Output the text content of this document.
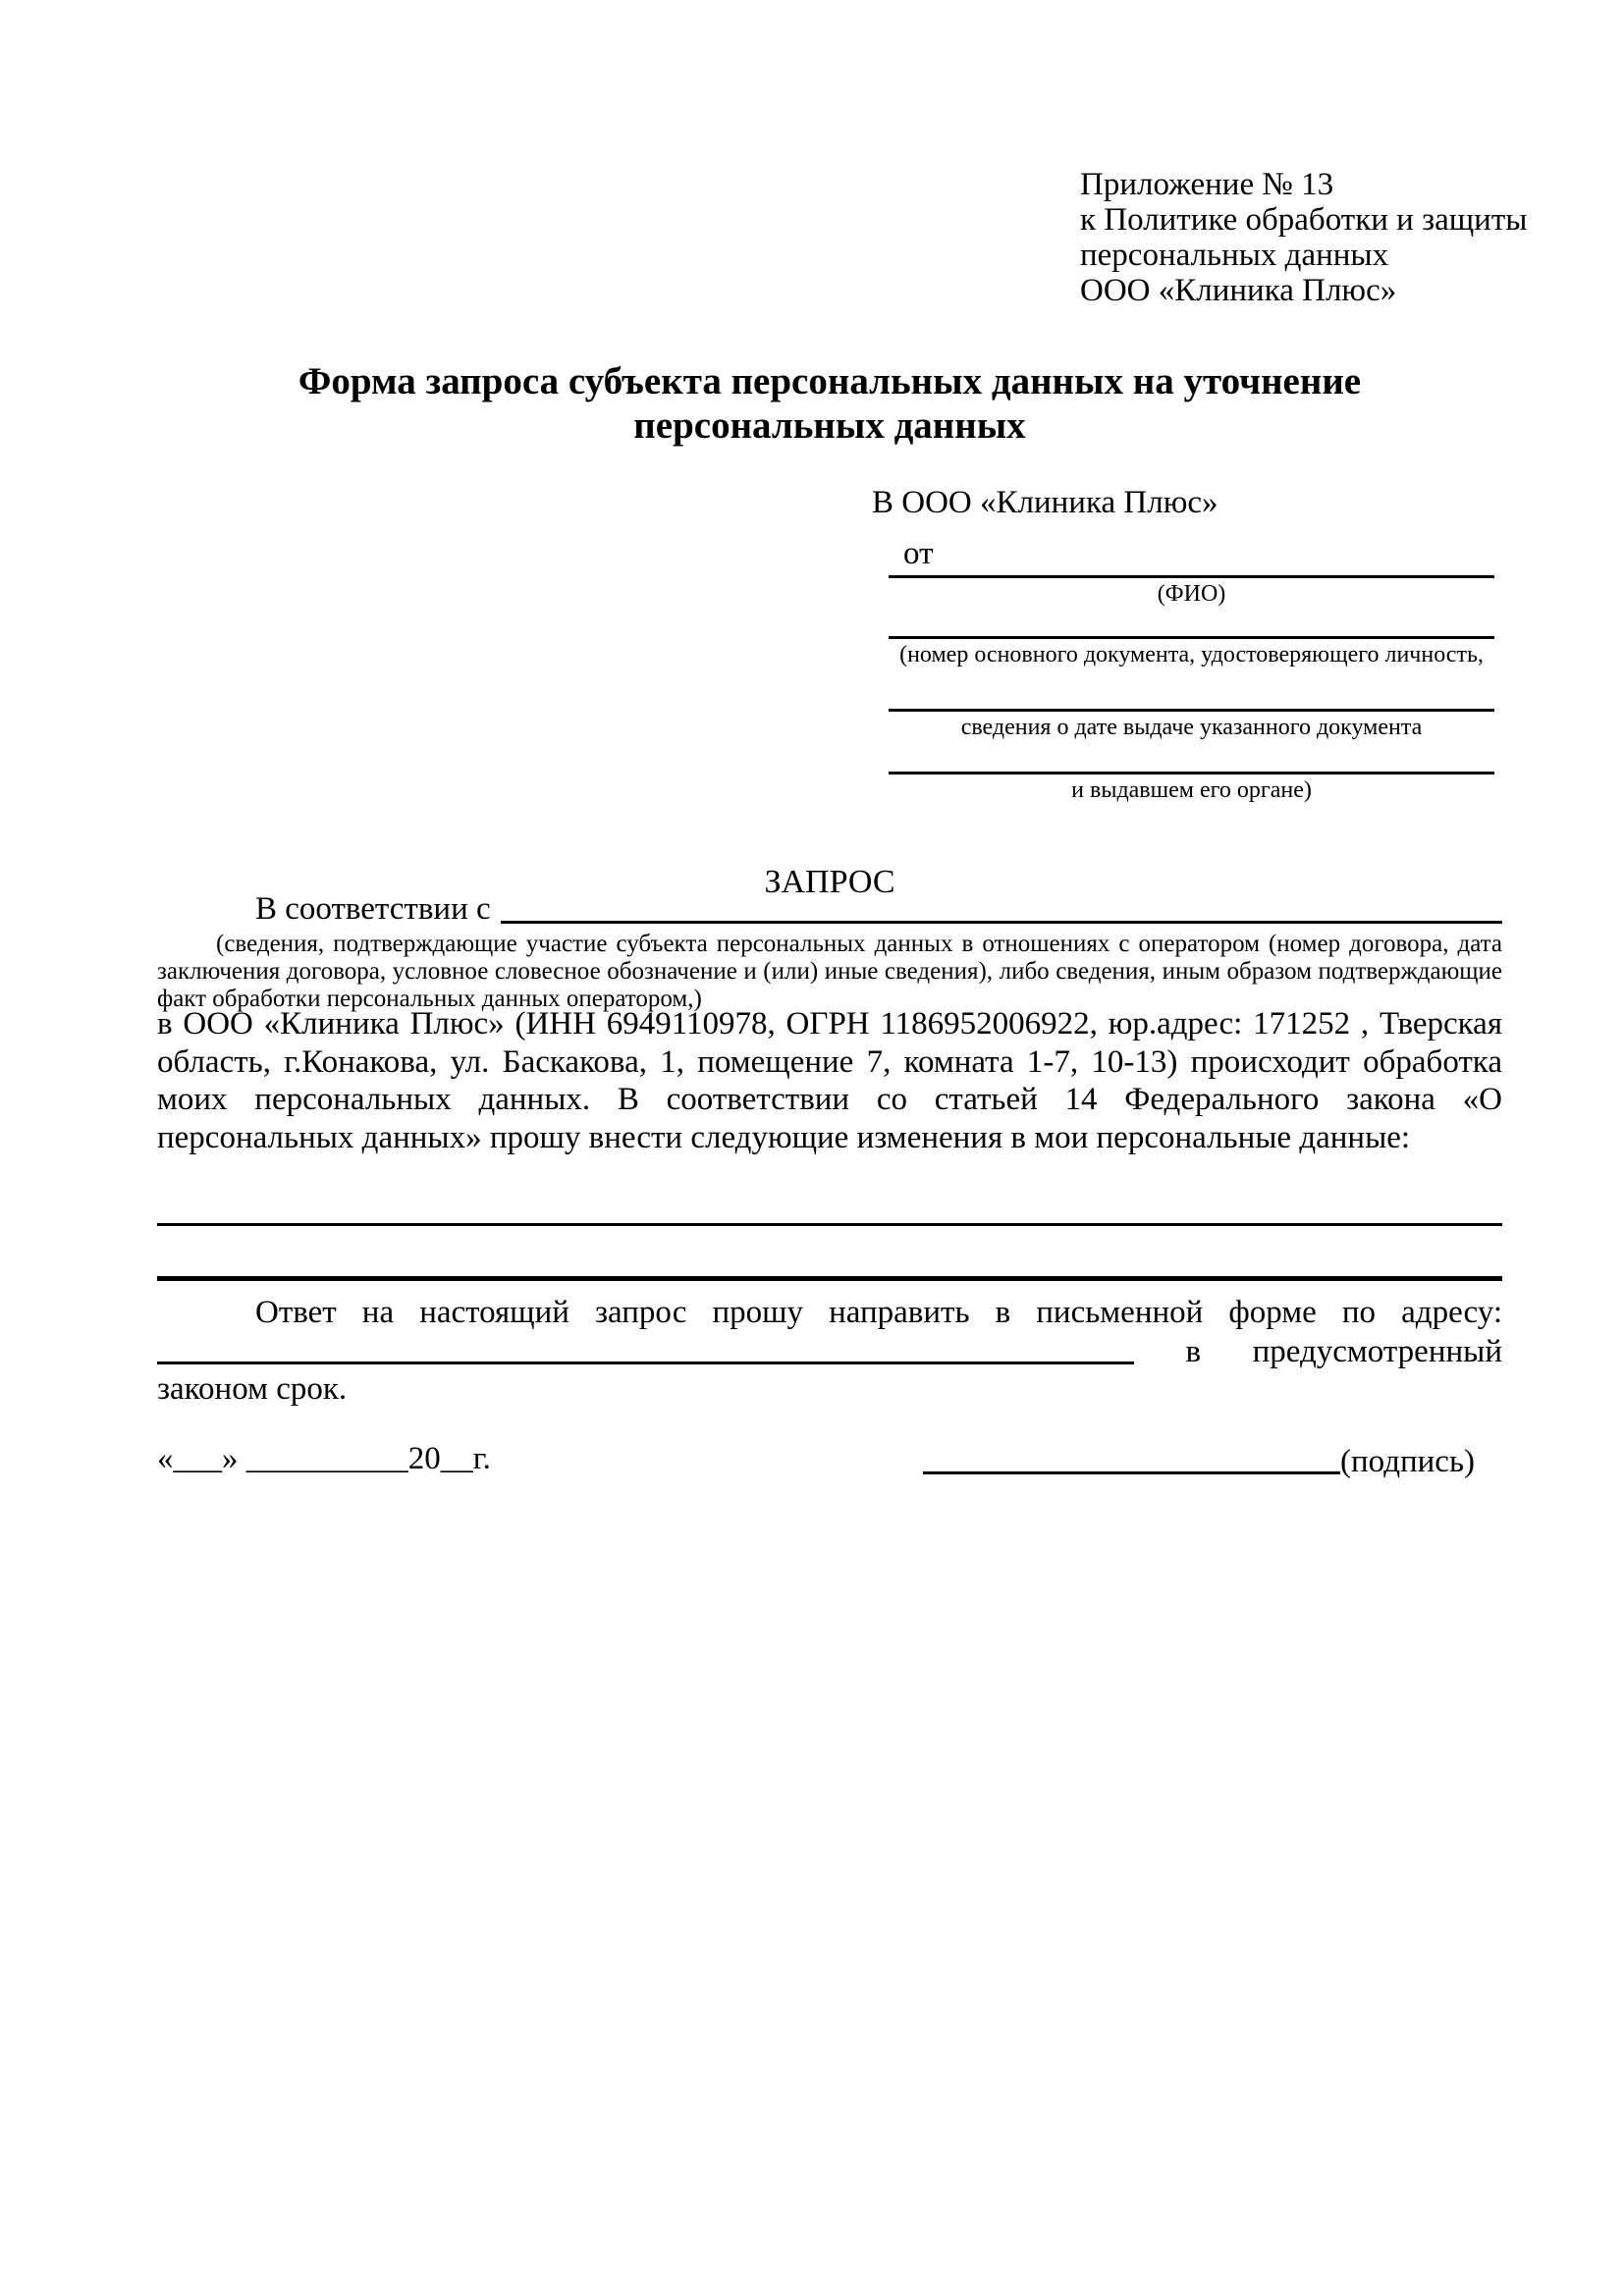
Приложение № 13
к Политике обработки и защиты
персональных данных
ООО «Клиника Плюс»
Форма запроса субъекта персональных данных на уточнение
персональных данных
В ООО «Клиника Плюс»
от
(ФИО)
(номер основного документа, удостоверяющего личность,
сведения о дате выдаче указанного документа
и выдавшем его органе)
ЗАПРОС
В соответствии с
(сведения, подтверждающие участие субъекта персональных данных в отношениях с оператором (номер договора, дата заключения договора, условное словесное обозначение и (или) иные сведения), либо сведения, иным образом подтверждающие факт обработки персональных данных оператором,)
в ООО «Клиника Плюс» (ИНН 6949110978, ОГРН 1186952006922, юр.адрес: 171252 , Тверская область, г.Конакова, ул. Баскакова, 1, помещение 7, комната 1-7, 10-13) происходит обработка моих персональных данных. В соответствии со статьей 14 Федерального закона «О персональных данных» прошу внести следующие изменения в мои персональные данные:
Ответ на настоящий запрос прошу направить в письменной форме по адресу:
в предусмотренный
законом срок.
«___» __________20__г.	(подпись)
